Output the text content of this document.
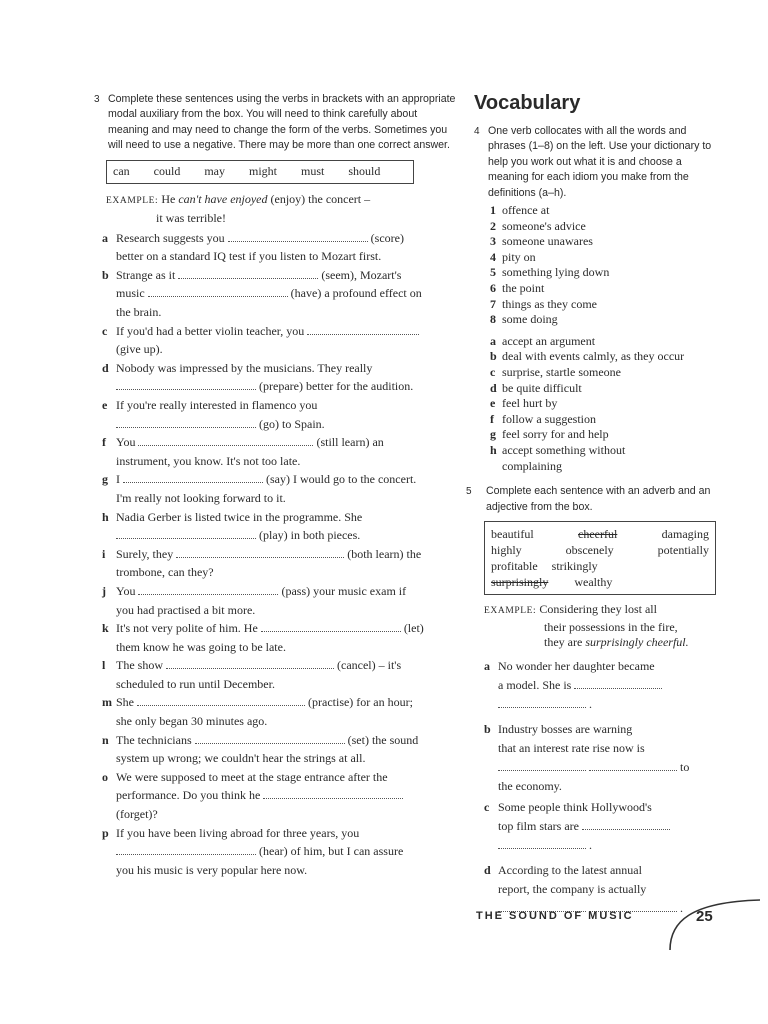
3 Complete these sentences using the verbs in brackets with an appropriate modal auxiliary from the box. You will need to think carefully about meaning and may need to change the form of the verbs. Sometimes you will need to use a negative. There may be more than one correct answer.
can could may might must should
EXAMPLE: He can't have enjoyed (enjoy) the concert –
it was terrible!
a Research suggests you	(score)
better on a standard IQ test if you listen to Mozart first.
b Strange as it	(seem), Mozart's
music	(have) a profound effect on
the brain.
c If you'd had a better violin teacher, you
(give up).
d Nobody was impressed by the musicians. They really
(prepare) better for the audition.
e If you're really interested in flamenco you
(go) to Spain.
f You	(still learn) an
instrument, you know. It's not too late.
g I	(say) I would go to the concert.
I'm really not looking forward to it.
h Nadia Gerber is listed twice in the programme. She
(play) in both pieces.
i Surely, they	(both learn) the
trombone, can they?
j You	(pass) your music exam if
you had practised a bit more.
k It's not very polite of him. He	(let)
them know he was going to be late.
l The show	(cancel) – it's
scheduled to run until December.
m She	(practise) for an hour;
she only began 30 minutes ago.
n The technicians	(set) the sound
system up wrong; we couldn't hear the strings at all.
o We were supposed to meet at the stage entrance after the
performance. Do you think he
(forget)?
p If you have been living abroad for three years, you
(hear) of him, but I can assure
you his music is very popular here now.
Vocabulary
4 One verb collocates with all the words and phrases (1–8) on the left. Use your dictionary to help you work out what it is and choose a meaning for each idiom you make from the definitions (a–h).
1 offence at
2 someone's advice
3 someone unawares
4 pity on
5 something lying down
6 the point
7 things as they come
8 some doing
a accept an argument
b deal with events calmly, as they occur
c surprise, startle someone
d be quite difficult
e feel hurt by
f follow a suggestion
g feel sorry for and help
h accept something without
complaining
5 Complete each sentence with an adverb and an adjective from the box.
beautiful	cheerful	damaging
highly	obscenely	potentially
profitable strikingly
surprisingly wealthy
EXAMPLE: Considering they lost all
their possessions in the fire,
they are surprisingly cheerful.
a No wonder her daughter became
a model. She is
.
b Industry bosses are warning
that an interest rate rise now is
to
the economy.
c Some people think Hollywood's
top film stars are
.
d According to the latest annual
report, the company is actually
.
THE SOUND OF MUSIC	25
